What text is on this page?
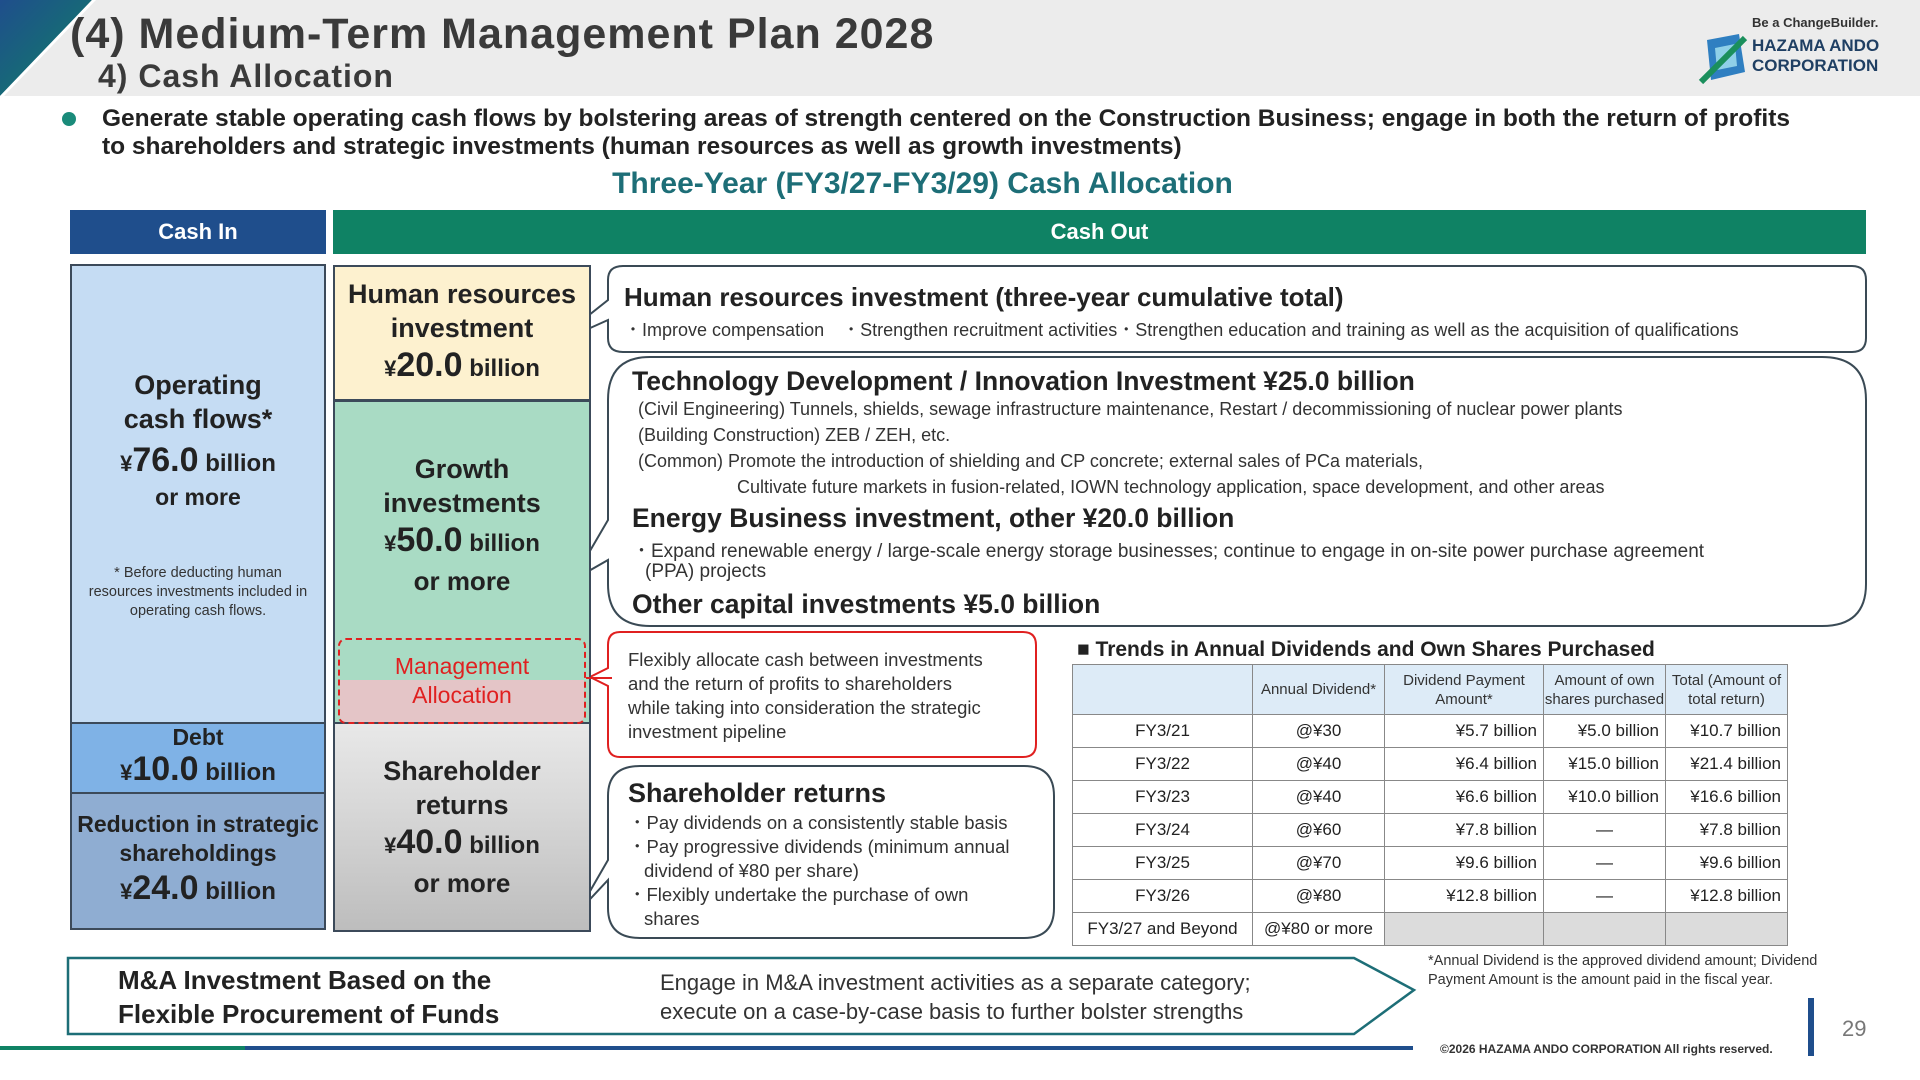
(4) Medium-Term Management Plan 2028
4) Cash Allocation
Be a ChangeBuilder.
HAZAMA ANDO
CORPORATION
Generate stable operating cash flows by bolstering areas of strength centered on the Construction Business; engage in both the return of profits to shareholders and strategic investments (human resources as well as growth investments)
Three-Year (FY3/27-FY3/29) Cash Allocation
Cash In	Cash Out
Operating
cash flows*
¥76.0 billion
or more
* Before deducting human resources investments included in operating cash flows.
Debt
¥10.0 billion
Reduction in strategic
shareholdings
¥24.0 billion
Human resources
investment
¥20.0 billion
Growth
investments
¥50.0 billion
or more
Shareholder
returns
¥40.0 billion
or more
Management
Allocation
Human resources investment (three-year cumulative total)
・Improve compensation　・Strengthen recruitment activities・Strengthen education and training as well as the acquisition of qualifications
Technology Development / Innovation Investment ¥25.0 billion
(Civil Engineering) Tunnels, shields, sewage infrastructure maintenance, Restart / decommissioning of nuclear power plants
(Building Construction) ZEB / ZEH, etc.
(Common) Promote the introduction of shielding and CP concrete; external sales of PCa materials,
Cultivate future markets in fusion-related, IOWN technology application, space development, and other areas
Energy Business investment, other ¥20.0 billion
・Expand renewable energy / large-scale energy storage businesses; continue to engage in on-site power purchase agreement
(PPA) projects
Other capital investments ¥5.0 billion
Flexibly allocate cash between investments
and the return of profits to shareholders
while taking into consideration the strategic
investment pipeline
Shareholder returns
・Pay dividends on a consistently stable basis
・Pay progressive dividends (minimum annual
dividend of ¥80 per share)
・Flexibly undertake the purchase of own
shares
■ Trends in Annual Dividends and Own Shares Purchased
	Annual Dividend*	Dividend Payment Amount*	Amount of own shares purchased	Total (Amount of total return)
FY3/21	@¥30	¥5.7 billion	¥5.0 billion	¥10.7 billion
FY3/22	@¥40	¥6.4 billion	¥15.0 billion	¥21.4 billion
FY3/23	@¥40	¥6.6 billion	¥10.0 billion	¥16.6 billion
FY3/24	@¥60	¥7.8 billion	—	¥7.8 billion
FY3/25	@¥70	¥9.6 billion	—	¥9.6 billion
FY3/26	@¥80	¥12.8 billion	—	¥12.8 billion
FY3/27 and Beyond	@¥80 or more			
*Annual Dividend is the approved dividend amount; Dividend Payment Amount is the amount paid in the fiscal year.
M&A Investment Based on the
Flexible Procurement of Funds
Engage in M&A investment activities as a separate category;
execute on a case-by-case basis to further bolster strengths
29
©2026 HAZAMA ANDO CORPORATION All rights reserved.
